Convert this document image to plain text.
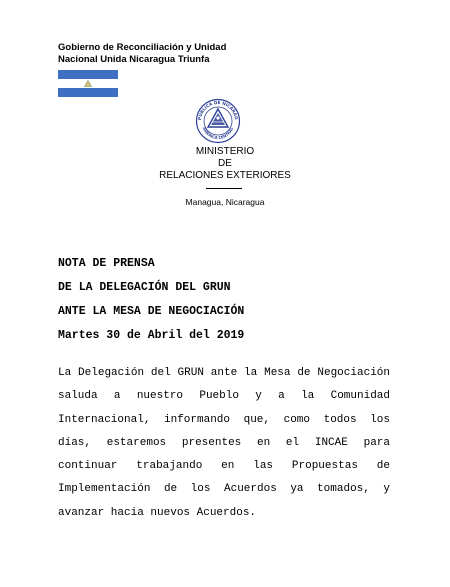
Gobierno de Reconciliación y Unidad
Nacional Unida Nicaragua Triunfa
PUBLICA DE NICARAG
AMERICA CENTRAL
MINISTERIO
DE
RELACIONES EXTERIORES
Managua, Nicaragua
NOTA DE PRENSA
DE LA DELEGACIÓN DEL GRUN
ANTE LA MESA DE NEGOCIACIÓN
Martes 30 de Abril del 2019
La Delegación del GRUN ante la Mesa de Negociación saluda a nuestro Pueblo y a la Comunidad Internacional, informando que, como todos los días, estaremos presentes en el INCAE para continuar trabajando en las Propuestas de Implementación de los Acuerdos ya tomados, y avanzar hacia nuevos Acuerdos.
